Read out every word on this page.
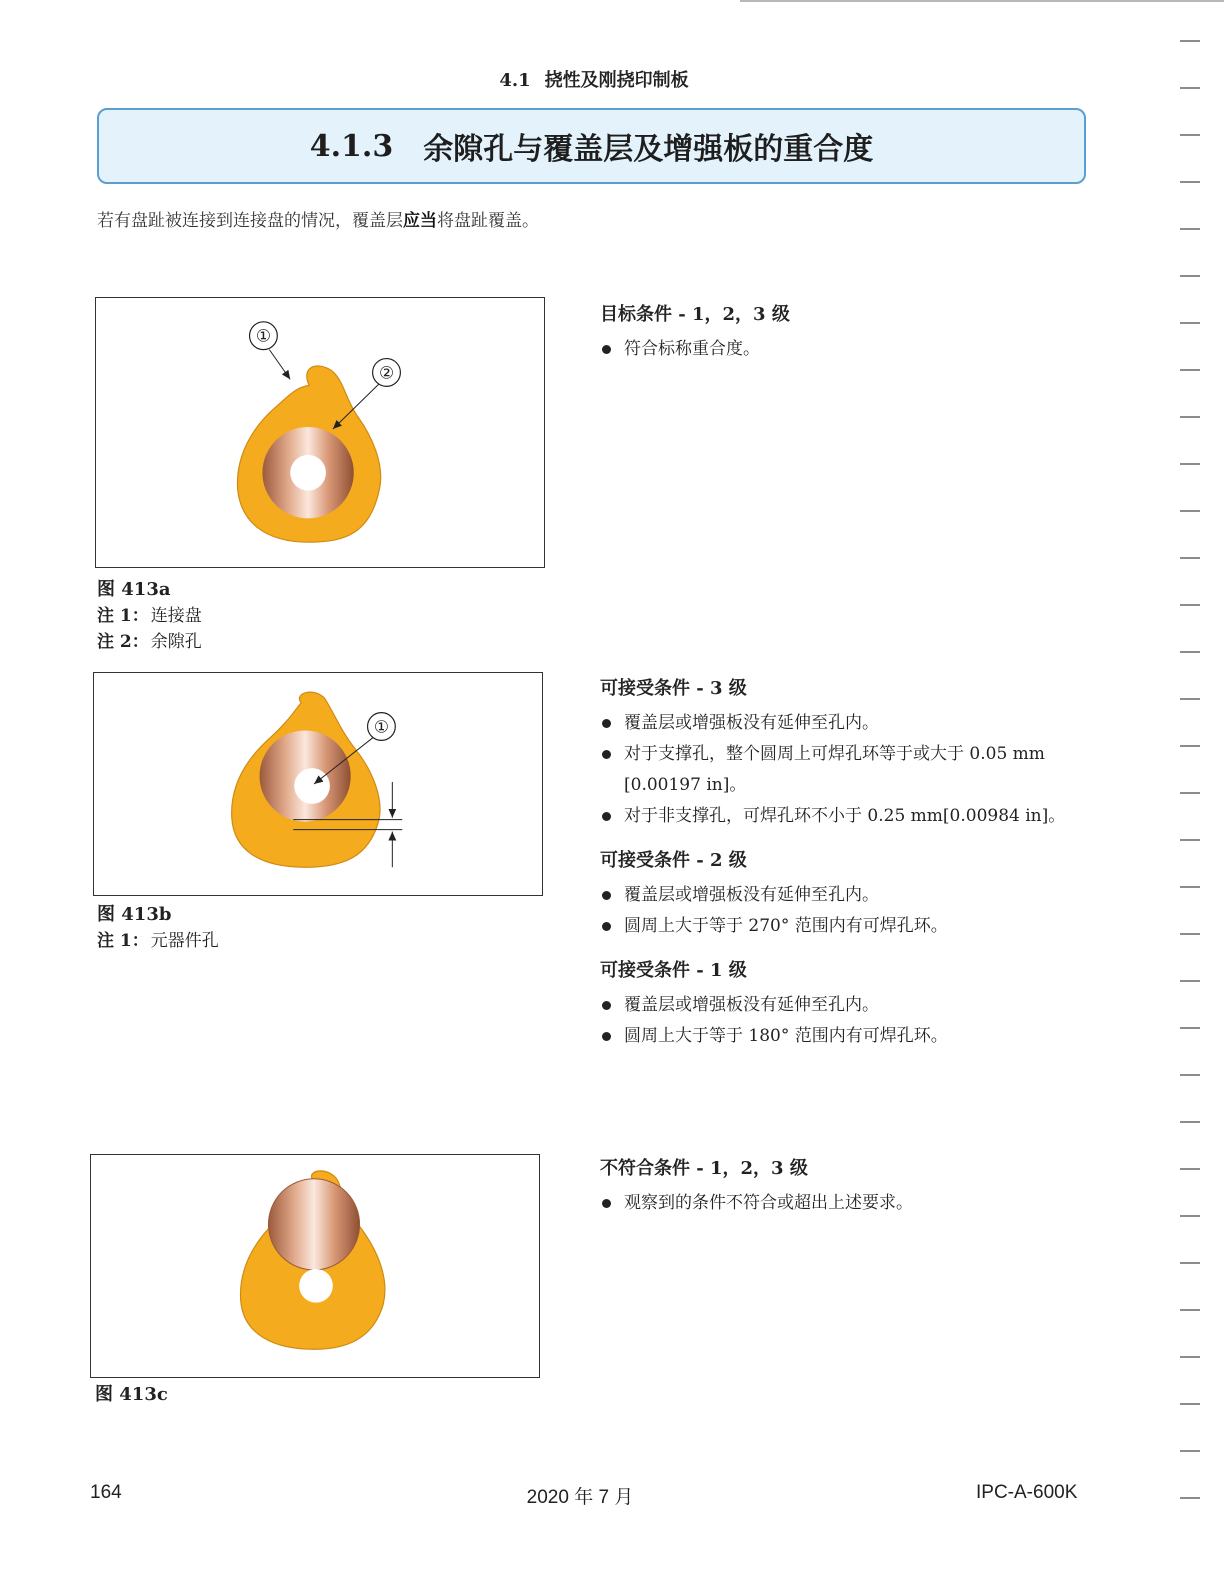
4.1 挠性及刚挠印制板
4.1.3 余隙孔与覆盖层及增强板的重合度
若有盘趾被连接到连接盘的情况，覆盖层应当将盘趾覆盖。
①
②
图 413a
注 1： 连接盘
注 2： 余隙孔
①
图 413b
注 1： 元器件孔
图 413c
目标条件 - 1，2，3 级
符合标称重合度。
可接受条件 - 3 级
覆盖层或增强板没有延伸至孔内。
对于支撑孔，整个圆周上可焊孔环等于或大于 0.05 mm [0.00197 in]。
对于非支撑孔，可焊孔环不小于 0.25 mm[0.00984 in]。
可接受条件 - 2 级
覆盖层或增强板没有延伸至孔内。
圆周上大于等于 270° 范围内有可焊孔环。
可接受条件 - 1 级
覆盖层或增强板没有延伸至孔内。
圆周上大于等于 180° 范围内有可焊孔环。
不符合条件 - 1，2，3 级
观察到的条件不符合或超出上述要求。
164	2020 年 7 月	IPC-A-600K
